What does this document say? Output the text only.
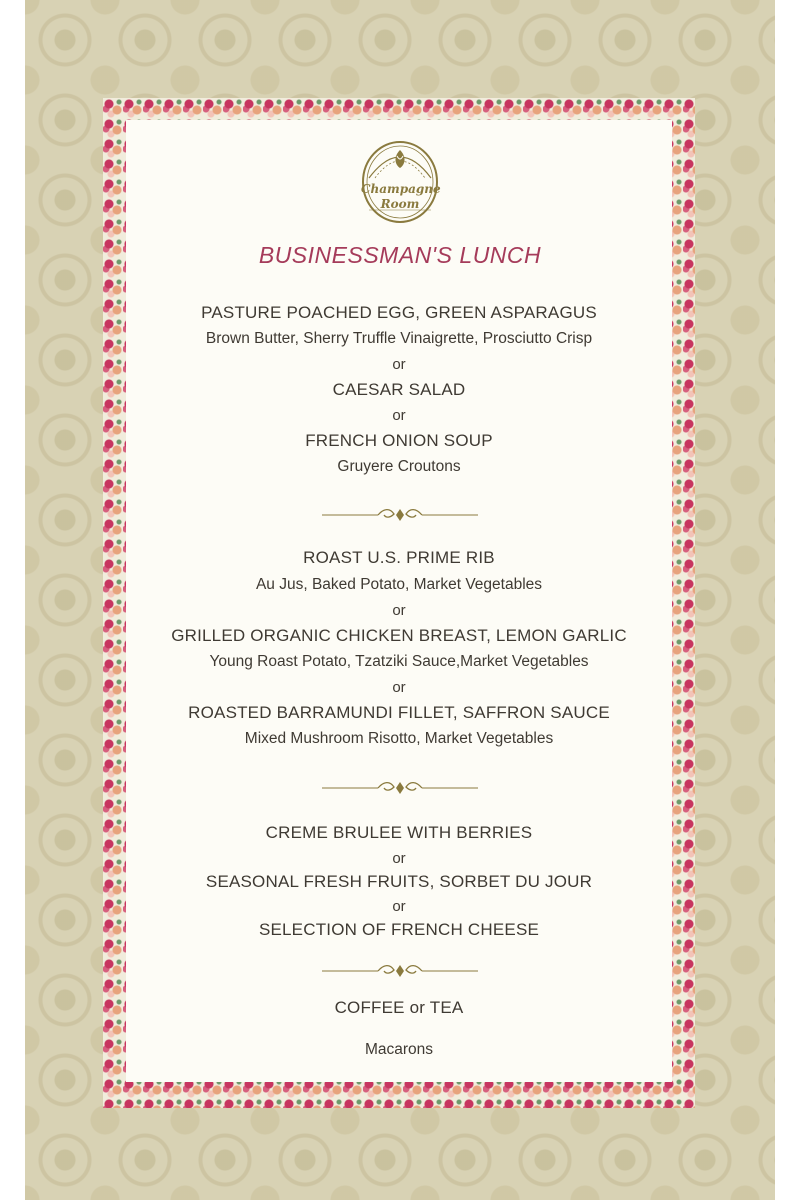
Champagne
Room
BUSINESSMAN'S LUNCH
PASTURE POACHED EGG, GREEN ASPARAGUS
Brown Butter, Sherry Truffle Vinaigrette, Prosciutto Crisp
or
CAESAR SALAD
or
FRENCH ONION SOUP
Gruyere Croutons
ROAST U.S. PRIME RIB
Au Jus, Baked Potato, Market Vegetables
or
GRILLED ORGANIC CHICKEN BREAST, LEMON GARLIC
Young Roast Potato, Tzatziki Sauce,Market Vegetables
or
ROASTED BARRAMUNDI FILLET, SAFFRON SAUCE
Mixed Mushroom Risotto, Market Vegetables
CREME BRULEE WITH BERRIES
or
SEASONAL FRESH FRUITS, SORBET DU JOUR
or
SELECTION OF FRENCH CHEESE
COFFEE or TEA
Macarons
